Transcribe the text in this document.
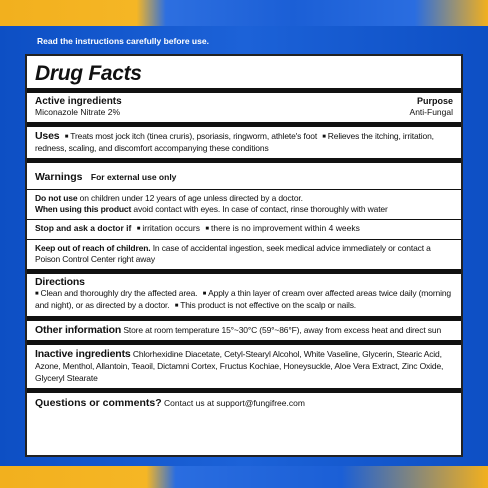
Read the instructions carefully before use.
Drug Facts
Active ingredients	Purpose
Miconazole Nitrate 2%	Anti-Fungal
Uses ■ Treats most jock itch (tinea cruris), psoriasis, ringworm, athlete's foot ■ Relieves the itching, irritation, redness, scaling, and discomfort accompanying these conditions
Warnings For external use only
Do not use on children under 12 years of age unless directed by a doctor.
When using this product avoid contact with eyes. In case of contact, rinse thoroughly with water
Stop and ask a doctor if ■ irritation occurs ■ there is no improvement within 4 weeks
Keep out of reach of children. In case of accidental ingestion, seek medical advice immediately or contact a Poison Control Center right away
Directions
■ Clean and thoroughly dry the affected area. ■ Apply a thin layer of cream over affected areas twice daily (morning and night), or as directed by a doctor. ■ This product is not effective on the scalp or nails.
Other information Store at room temperature 15°~30°C (59°~86°F), away from excess heat and direct sun
Inactive ingredients Chlorhexidine Diacetate, Cetyl-Stearyl Alcohol, White Vaseline, Glycerin, Stearic Acid, Azone, Menthol, Allantoin, Teaoil, Dictamni Cortex, Fructus Kochiae, Honeysuckle, Aloe Vera Extract, Zinc Oxide, Glyceryl Stearate
Questions or comments? Contact us at support@fungifree.com
